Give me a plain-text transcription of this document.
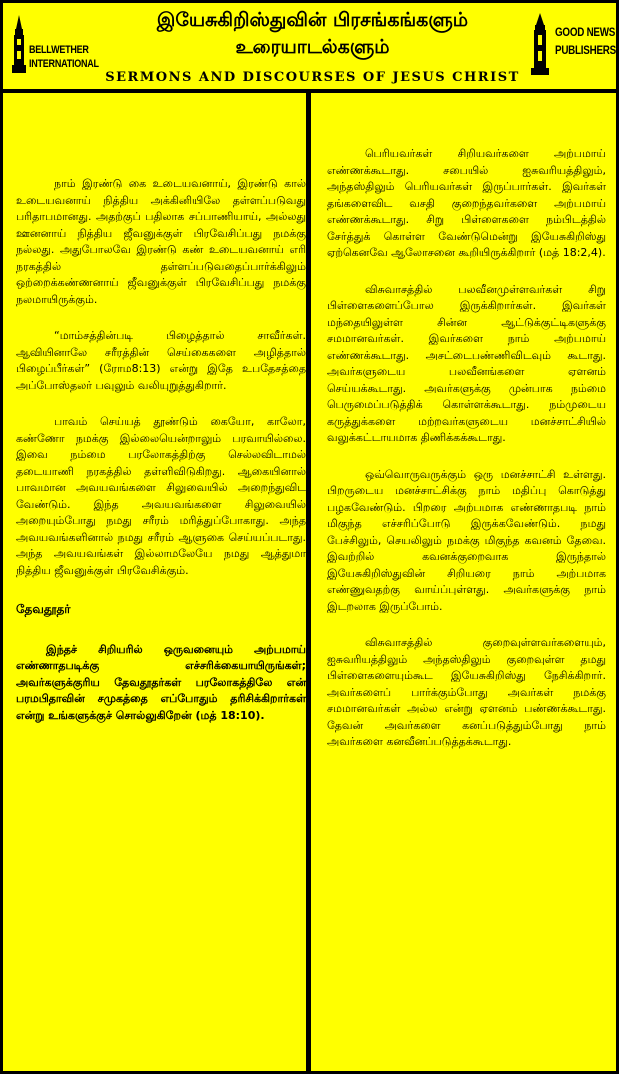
BELLWETHER
INTERNATIONAL
இயேசுகிறிஸ்துவின் பிரசங்கங்களும்
உரையாடல்களும்
SERMONS AND DISCOURSES OF JESUS CHRIST
GOOD NEWS
PUBLISHERS

நாம் இரண்டு கை உடையவனாய், இரண்டு கால் உடையவனாய் நித்திய அக்கினியிலே தள்ளப்படுவது பரிதாபமானது. அதற்குப் பதிலாக சப்பாணியாய், அல்லது ஊனனாய் நித்திய ஜீவனுக்குள் பிரவேசிப்பது நமக்கு நல்லது. அதுபோலவே இரண்டு கண் உடையவனாய் எரி நரகத்தில் தள்ளப்படுவதைப்பார்க்கிலும் ஒற்றைக்கண்ணனாய் ஜீவனுக்குள் பிரவேசிப்பது நமக்கு நலமாயிருக்கும்.

“மாம்சத்தின்படி பிழைத்தால் சாவீர்கள். ஆவியினாலே சரீரத்தின் செய்கைகளை அழித்தால் பிழைப்பீர்கள்” (ரோம8:13) என்று இதே உபதேசத்தை அப்போஸ்தலர் பவுலும் வலியுறுத்துகிறார்.

பாவம் செய்யத் தூண்டும் கையோ, காலோ, கண்ணோ நமக்கு இல்லையென்றாலும் பரவாயில்லை. இவை நம்மை பரலோகத்திற்கு செல்லவிடாமல் தடையாணி நரகத்தில் தள்ளிவிடுகிறது. ஆகையினால் பாவமான அவயவங்களை சிலுவையில் அறைந்துவிட வேண்டும். இந்த அவயவங்களை சிலுவையில் அறையும்போது நமது சரீரம் மரித்துப்போகாது. அந்த அவயவங்களினால் நமது சரீரம் ஆளுகை செய்யப்படாது. அந்த அவயவங்கள் இல்லாமலேயே நமது ஆத்துமா நித்திய ஜீவனுக்குள் பிரவேசிக்கும்.

தேவதூதர்

இந்தச் சிறியரில் ஒருவனையும் அற்பமாய் எண்ணாதபடிக்கு எச்சரிக்கையாயிருங்கள்; அவர்களுக்குரிய தேவதூதர்கள் பரலோகத்திலே என் பரமபிதாவின் சமுகத்தை எப்போதும் தரிசிக்கிறார்கள் என்று உங்களுக்குச் சொல்லுகிறேன் (மத் 18:10).

பெரியவர்கள் சிறியவர்களை அற்பமாய் எண்ணக்கூடாது. சபையில் ஐசுவரியத்திலும், அந்தஸ்திலும் பெரியவர்கள் இருப்பார்கள். இவர்கள் தங்களைவிட வசதி குறைந்தவர்களை அற்பமாய் எண்ணக்கூடாது. சிறு பிள்ளைகளை நம்பிடத்தில் சேர்த்துக் கொள்ள வேண்டுமென்று இயேசுகிறிஸ்து ஏற்கெனவே ஆலோசனை கூறியிருக்கிறார் (மத் 18:2,4).

விசுவாசத்தில் பலவீனமுள்ளவர்கள் சிறு பிள்ளைகளைப்போல இருக்கிறார்கள். இவர்கள் மந்தையிலுள்ள சின்ன ஆட்டுக்குட்டிகளுக்கு சமமானவர்கள். இவர்களை நாம் அற்பமாய் எண்ணக்கூடாது. அசட்டைபண்ணிவிடவும் கூடாது. அவர்களுடைய பலவீனங்களை ஏளனம் செய்யக்கூடாது. அவர்களுக்கு முன்பாக நம்மை பெருமைப்படுத்திக் கொள்ளக்கூடாது. நம்முடைய கருத்துக்களை மற்றவர்களுடைய மனச்சாட்சியில் வலுக்கட்டாயமாக திணிக்கக்கூடாது.

ஒவ்வொருவருக்கும் ஒரு மனச்சாட்சி உள்ளது. பிறருடைய மனச்சாட்சிக்கு நாம் மதிப்பு கொடுத்து பழகவேண்டும். பிறரை அற்பமாக எண்ணாதபடி நாம் மிகுந்த எச்சரிப்போடு இருக்கவேண்டும். நமது பேச்சிலும், செயலிலும் நமக்கு மிகுந்த கவனம் தேவை. இவற்றில் கவனக்குறைவாக இருந்தால் இயேசுகிறிஸ்துவின் சிறியரை நாம் அற்பமாக எண்ணுவதற்கு வாய்ப்புள்ளது. அவர்களுக்கு நாம் இடறலாக இருப்போம்.

விசுவாசத்தில் குறைவுள்ளவர்களையும், ஐசுவரியத்திலும் அந்தஸ்திலும் குறைவுள்ள தமது பிள்ளைகளையும்கூட இயேசுகிறிஸ்து நேசிக்கிறார். அவர்களைப் பார்க்கும்போது அவர்கள் நமக்கு சமமானவர்கள் அல்ல என்று ஏளனம் பண்ணக்கூடாது. தேவன் அவர்களை கனப்படுத்தும்போது நாம் அவர்களை கனவீனப்படுத்தக்கூடாது.
